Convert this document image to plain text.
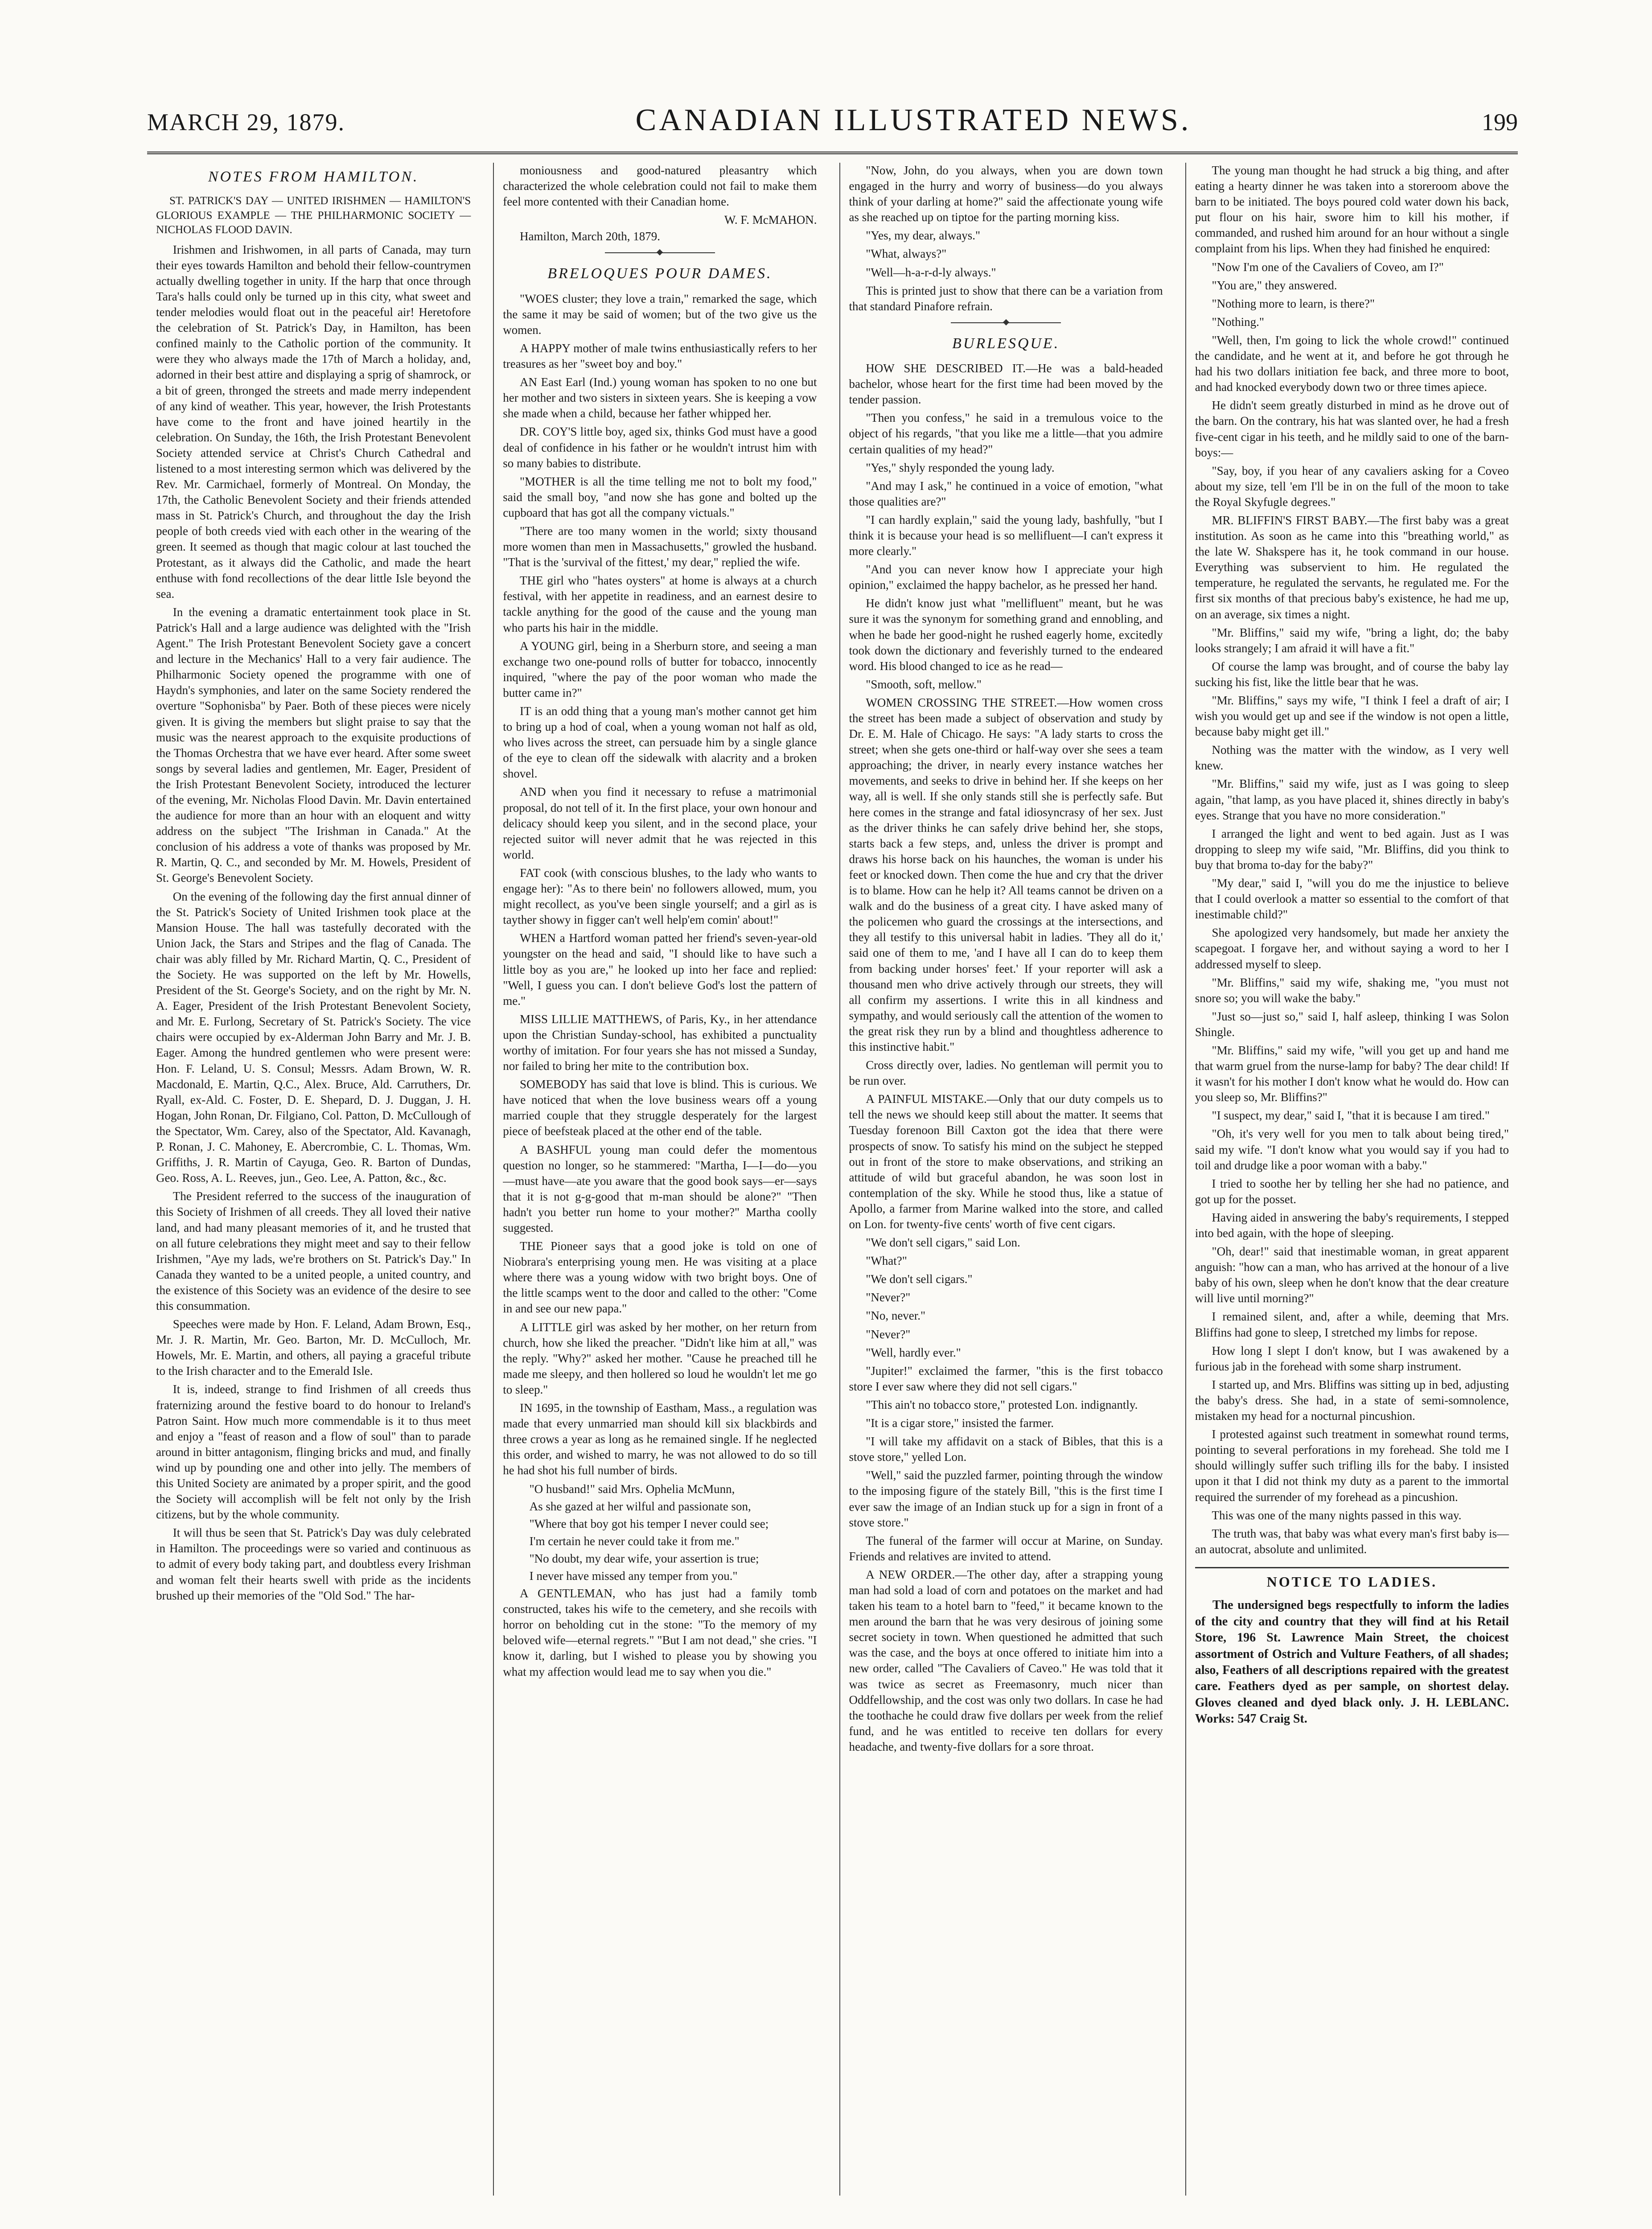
MARCH 29, 1879.	CANADIAN ILLUSTRATED NEWS.	199
NOTES FROM HAMILTON.

ST. PATRICK'S DAY — UNITED IRISHMEN — HAMILTON'S GLORIOUS EXAMPLE — THE PHILHARMONIC SOCIETY — NICHOLAS FLOOD DAVIN.

Irishmen and Irishwomen, in all parts of Canada, may turn their eyes towards Hamilton and behold their fellow-countrymen actually dwelling together in unity. If the harp that once through Tara's halls could only be turned up in this city, what sweet and tender melodies would float out in the peaceful air! Heretofore the celebration of St. Patrick's Day, in Hamilton, has been confined mainly to the Catholic portion of the community. It were they who always made the 17th of March a holiday, and, adorned in their best attire and displaying a sprig of shamrock, or a bit of green, thronged the streets and made merry independent of any kind of weather. This year, however, the Irish Protestants have come to the front and have joined heartily in the celebration. On Sunday, the 16th, the Irish Protestant Benevolent Society attended service at Christ's Church Cathedral and listened to a most interesting sermon which was delivered by the Rev. Mr. Carmichael, formerly of Montreal. On Monday, the 17th, the Catholic Benevolent Society and their friends attended mass in St. Patrick's Church, and throughout the day the Irish people of both creeds vied with each other in the wearing of the green. It seemed as though that magic colour at last touched the Protestant, as it always did the Catholic, and made the heart enthuse with fond recollections of the dear little Isle beyond the sea.

In the evening a dramatic entertainment took place in St. Patrick's Hall and a large audience was delighted with the "Irish Agent." The Irish Protestant Benevolent Society gave a concert and lecture in the Mechanics' Hall to a very fair audience. The Philharmonic Society opened the programme with one of Haydn's symphonies, and later on the same Society rendered the overture "Sophonisba" by Paer. Both of these pieces were nicely given. It is giving the members but slight praise to say that the music was the nearest approach to the exquisite productions of the Thomas Orchestra that we have ever heard. After some sweet songs by several ladies and gentlemen, Mr. Eager, President of the Irish Protestant Benevolent Society, introduced the lecturer of the evening, Mr. Nicholas Flood Davin. Mr. Davin entertained the audience for more than an hour with an eloquent and witty address on the subject "The Irishman in Canada." At the conclusion of his address a vote of thanks was proposed by Mr. R. Martin, Q. C., and seconded by Mr. M. Howels, President of St. George's Benevolent Society.

On the evening of the following day the first annual dinner of the St. Patrick's Society of United Irishmen took place at the Mansion House. The hall was tastefully decorated with the Union Jack, the Stars and Stripes and the flag of Canada. The chair was ably filled by Mr. Richard Martin, Q. C., President of the Society. He was supported on the left by Mr. Howells, President of the St. George's Society, and on the right by Mr. N. A. Eager, President of the Irish Protestant Benevolent Society, and Mr. E. Furlong, Secretary of St. Patrick's Society. The vice chairs were occupied by ex-Alderman John Barry and Mr. J. B. Eager. Among the hundred gentlemen who were present were: Hon. F. Leland, U. S. Consul; Messrs. Adam Brown, W. R. Macdonald, E. Martin, Q.C., Alex. Bruce, Ald. Carruthers, Dr. Ryall, ex-Ald. C. Foster, D. E. Shepard, D. J. Duggan, J. H. Hogan, John Ronan, Dr. Filgiano, Col. Patton, D. McCullough of the Spectator, Wm. Carey, also of the Spectator, Ald. Kavanagh, P. Ronan, J. C. Mahoney, E. Abercrombie, C. L. Thomas, Wm. Griffiths, J. R. Martin of Cayuga, Geo. R. Barton of Dundas, Geo. Ross, A. L. Reeves, jun., Geo. Lee, A. Patton, &c., &c.

The President referred to the success of the inauguration of this Society of Irishmen of all creeds. They all loved their native land, and had many pleasant memories of it, and he trusted that on all future celebrations they might meet and say to their fellow Irishmen, "Aye my lads, we're brothers on St. Patrick's Day." In Canada they wanted to be a united people, a united country, and the existence of this Society was an evidence of the desire to see this consummation.

Speeches were made by Hon. F. Leland, Adam Brown, Esq., Mr. J. R. Martin, Mr. Geo. Barton, Mr. D. McCulloch, Mr. Howels, Mr. E. Martin, and others, all paying a graceful tribute to the Irish character and to the Emerald Isle.

It is, indeed, strange to find Irishmen of all creeds thus fraternizing around the festive board to do honour to Ireland's Patron Saint. How much more commendable is it to thus meet and enjoy a "feast of reason and a flow of soul" than to parade around in bitter antagonism, flinging bricks and mud, and finally wind up by pounding one and other into jelly. The members of this United Society are animated by a proper spirit, and the good the Society will accomplish will be felt not only by the Irish citizens, but by the whole community.

It will thus be seen that St. Patrick's Day was duly celebrated in Hamilton. The proceedings were so varied and continuous as to admit of every body taking part, and doubtless every Irishman and woman felt their hearts swell with pride as the incidents brushed up their memories of the "Old Sod." The har-

moniousness and good-natured pleasantry which characterized the whole celebration could not fail to make them feel more contented with their Canadian home.

W. F. McMAHON.
Hamilton, March 20th, 1879.
BRELOQUES POUR DAMES.

"WOES cluster; they love a train," remarked the sage, which the same it may be said of women; but of the two give us the women.

A HAPPY mother of male twins enthusiastically refers to her treasures as her "sweet boy and boy."

AN East Earl (Ind.) young woman has spoken to no one but her mother and two sisters in sixteen years. She is keeping a vow she made when a child, because her father whipped her.

DR. COY'S little boy, aged six, thinks God must have a good deal of confidence in his father or he wouldn't intrust him with so many babies to distribute.

"MOTHER is all the time telling me not to bolt my food," said the small boy, "and now she has gone and bolted up the cupboard that has got all the company victuals."

"There are too many women in the world; sixty thousand more women than men in Massachusetts," growled the husband. "That is the 'survival of the fittest,' my dear," replied the wife.

THE girl who "hates oysters" at home is always at a church festival, with her appetite in readiness, and an earnest desire to tackle anything for the good of the cause and the young man who parts his hair in the middle.

A YOUNG girl, being in a Sherburn store, and seeing a man exchange two one-pound rolls of butter for tobacco, innocently inquired, "where the pay of the poor woman who made the butter came in?"

IT is an odd thing that a young man's mother cannot get him to bring up a hod of coal, when a young woman not half as old, who lives across the street, can persuade him by a single glance of the eye to clean off the sidewalk with alacrity and a broken shovel.

AND when you find it necessary to refuse a matrimonial proposal, do not tell of it. In the first place, your own honour and delicacy should keep you silent, and in the second place, your rejected suitor will never admit that he was rejected in this world.

FAT cook (with conscious blushes, to the lady who wants to engage her): "As to there bein' no followers allowed, mum, you might recollect, as you've been single yourself; and a girl as is tayther showy in figger can't well help'em comin' about!"

WHEN a Hartford woman patted her friend's seven-year-old youngster on the head and said, "I should like to have such a little boy as you are," he looked up into her face and replied: "Well, I guess you can. I don't believe God's lost the pattern of me."

MISS LILLIE MATTHEWS, of Paris, Ky., in her attendance upon the Christian Sunday-school, has exhibited a punctuality worthy of imitation. For four years she has not missed a Sunday, nor failed to bring her mite to the contribution box.

SOMEBODY has said that love is blind. This is curious. We have noticed that when the love business wears off a young married couple that they struggle desperately for the largest piece of beefsteak placed at the other end of the table.

A BASHFUL young man could defer the momentous question no longer, so he stammered: "Martha, I—I—do—you—must have—ate you aware that the good book says—er—says that it is not g-g-good that m-man should be alone?" "Then hadn't you better run home to your mother?" Martha coolly suggested.

THE Pioneer says that a good joke is told on one of Niobrara's enterprising young men. He was visiting at a place where there was a young widow with two bright boys. One of the little scamps went to the door and called to the other: "Come in and see our new papa."

A LITTLE girl was asked by her mother, on her return from church, how she liked the preacher. "Didn't like him at all," was the reply. "Why?" asked her mother. "Cause he preached till he made me sleepy, and then hollered so loud he wouldn't let me go to sleep."

IN 1695, in the township of Eastham, Mass., a regulation was made that every unmarried man should kill six blackbirds and three crows a year as long as he remained single. If he neglected this order, and wished to marry, he was not allowed to do so till he had shot his full number of birds.

"O husband!" said Mrs. Ophelia McMunn,

As she gazed at her wilful and passionate son,

"Where that boy got his temper I never could see;

I'm certain he never could take it from me."

"No doubt, my dear wife, your assertion is true;

I never have missed any temper from you."

A GENTLEMAN, who has just had a family tomb constructed, takes his wife to the cemetery, and she recoils with horror on beholding cut in the stone: "To the memory of my beloved wife—eternal regrets." "But I am not dead," she cries. "I know it, darling, but I wished to please you by showing you what my affection would lead me to say when you die."

"Now, John, do you always, when you are down town engaged in the hurry and worry of business—do you always think of your darling at home?" said the affectionate young wife as she reached up on tiptoe for the parting morning kiss.

"Yes, my dear, always."

"What, always?"

"Well—h-a-r-d-ly always."

This is printed just to show that there can be a variation from that standard Pinafore refrain.

BURLESQUE.

HOW SHE DESCRIBED IT.—He was a bald-headed bachelor, whose heart for the first time had been moved by the tender passion.

"Then you confess," he said in a tremulous voice to the object of his regards, "that you like me a little—that you admire certain qualities of my head?"

"Yes," shyly responded the young lady.

"And may I ask," he continued in a voice of emotion, "what those qualities are?"

"I can hardly explain," said the young lady, bashfully, "but I think it is because your head is so mellifluent—I can't express it more clearly."

"And you can never know how I appreciate your high opinion," exclaimed the happy bachelor, as he pressed her hand.

He didn't know just what "mellifluent" meant, but he was sure it was the synonym for something grand and ennobling, and when he bade her good-night he rushed eagerly home, excitedly took down the dictionary and feverishly turned to the endeared word. His blood changed to ice as he read—

"Smooth, soft, mellow."

WOMEN CROSSING THE STREET.—How women cross the street has been made a subject of observation and study by Dr. E. M. Hale of Chicago. He says: "A lady starts to cross the street; when she gets one-third or half-way over she sees a team approaching; the driver, in nearly every instance watches her movements, and seeks to drive in behind her. If she keeps on her way, all is well. If she only stands still she is perfectly safe. But here comes in the strange and fatal idiosyncrasy of her sex. Just as the driver thinks he can safely drive behind her, she stops, starts back a few steps, and, unless the driver is prompt and draws his horse back on his haunches, the woman is under his feet or knocked down. Then come the hue and cry that the driver is to blame. How can he help it? All teams cannot be driven on a walk and do the business of a great city. I have asked many of the policemen who guard the crossings at the intersections, and they all testify to this universal habit in ladies. 'They all do it,' said one of them to me, 'and I have all I can do to keep them from backing under horses' feet.' If your reporter will ask a thousand men who drive actively through our streets, they will all confirm my assertions. I write this in all kindness and sympathy, and would seriously call the attention of the women to the great risk they run by a blind and thoughtless adherence to this instinctive habit."

Cross directly over, ladies. No gentleman will permit you to be run over.

A PAINFUL MISTAKE.—Only that our duty compels us to tell the news we should keep still about the matter. It seems that Tuesday forenoon Bill Caxton got the idea that there were prospects of snow. To satisfy his mind on the subject he stepped out in front of the store to make observations, and striking an attitude of wild but graceful abandon, he was soon lost in contemplation of the sky. While he stood thus, like a statue of Apollo, a farmer from Marine walked into the store, and called on Lon. for twenty-five cents' worth of five cent cigars.

"We don't sell cigars," said Lon.

"What?"

"We don't sell cigars."

"Never?"

"No, never."

"Never?"

"Well, hardly ever."

"Jupiter!" exclaimed the farmer, "this is the first tobacco store I ever saw where they did not sell cigars."

"This ain't no tobacco store," protested Lon. indignantly.

"It is a cigar store," insisted the farmer.

"I will take my affidavit on a stack of Bibles, that this is a stove store," yelled Lon.

"Well," said the puzzled farmer, pointing through the window to the imposing figure of the stately Bill, "this is the first time I ever saw the image of an Indian stuck up for a sign in front of a stove store."

The funeral of the farmer will occur at Marine, on Sunday. Friends and relatives are invited to attend.

A NEW ORDER.—The other day, after a strapping young man had sold a load of corn and potatoes on the market and had taken his team to a hotel barn to "feed," it became known to the men around the barn that he was very desirous of joining some secret society in town. When questioned he admitted that such was the case, and the boys at once offered to initiate him into a new order, called "The Cavaliers of Caveo." He was told that it was twice as secret as Freemasonry, much nicer than Oddfellowship, and the cost was only two dollars. In case he had the toothache he could draw five dollars per week from the relief fund, and he was entitled to receive ten dollars for every headache, and twenty-five dollars for a sore throat.

The young man thought he had struck a big thing, and after eating a hearty dinner he was taken into a storeroom above the barn to be initiated. The boys poured cold water down his back, put flour on his hair, swore him to kill his mother, if commanded, and rushed him around for an hour without a single complaint from his lips. When they had finished he enquired:

"Now I'm one of the Cavaliers of Coveo, am I?"

"You are," they answered.

"Nothing more to learn, is there?"

"Nothing."

"Well, then, I'm going to lick the whole crowd!" continued the candidate, and he went at it, and before he got through he had his two dollars initiation fee back, and three more to boot, and had knocked everybody down two or three times apiece.

He didn't seem greatly disturbed in mind as he drove out of the barn. On the contrary, his hat was slanted over, he had a fresh five-cent cigar in his teeth, and he mildly said to one of the barn-boys:—

"Say, boy, if you hear of any cavaliers asking for a Coveo about my size, tell 'em I'll be in on the full of the moon to take the Royal Skyfugle degrees."

MR. BLIFFIN'S FIRST BABY.—The first baby was a great institution. As soon as he came into this "breathing world," as the late W. Shakspere has it, he took command in our house. Everything was subservient to him. He regulated the temperature, he regulated the servants, he regulated me. For the first six months of that precious baby's existence, he had me up, on an average, six times a night.

"Mr. Bliffins," said my wife, "bring a light, do; the baby looks strangely; I am afraid it will have a fit."

Of course the lamp was brought, and of course the baby lay sucking his fist, like the little bear that he was.

"Mr. Bliffins," says my wife, "I think I feel a draft of air; I wish you would get up and see if the window is not open a little, because baby might get ill."

Nothing was the matter with the window, as I very well knew.

"Mr. Bliffins," said my wife, just as I was going to sleep again, "that lamp, as you have placed it, shines directly in baby's eyes. Strange that you have no more consideration."

I arranged the light and went to bed again. Just as I was dropping to sleep my wife said, "Mr. Bliffins, did you think to buy that broma to-day for the baby?"

"My dear," said I, "will you do me the injustice to believe that I could overlook a matter so essential to the comfort of that inestimable child?"

She apologized very handsomely, but made her anxiety the scapegoat. I forgave her, and without saying a word to her I addressed myself to sleep.

"Mr. Bliffins," said my wife, shaking me, "you must not snore so; you will wake the baby."

"Just so—just so," said I, half asleep, thinking I was Solon Shingle.

"Mr. Bliffins," said my wife, "will you get up and hand me that warm gruel from the nurse-lamp for baby? The dear child! If it wasn't for his mother I don't know what he would do. How can you sleep so, Mr. Bliffins?"

"I suspect, my dear," said I, "that it is because I am tired."

"Oh, it's very well for you men to talk about being tired," said my wife. "I don't know what you would say if you had to toil and drudge like a poor woman with a baby."

I tried to soothe her by telling her she had no patience, and got up for the posset.

Having aided in answering the baby's requirements, I stepped into bed again, with the hope of sleeping.

"Oh, dear!" said that inestimable woman, in great apparent anguish: "how can a man, who has arrived at the honour of a live baby of his own, sleep when he don't know that the dear creature will live until morning?"

I remained silent, and, after a while, deeming that Mrs. Bliffins had gone to sleep, I stretched my limbs for repose.

How long I slept I don't know, but I was awakened by a furious jab in the forehead with some sharp instrument.

I started up, and Mrs. Bliffins was sitting up in bed, adjusting the baby's dress. She had, in a state of semi-somnolence, mistaken my head for a nocturnal pincushion.

I protested against such treatment in somewhat round terms, pointing to several perforations in my forehead. She told me I should willingly suffer such trifling ills for the baby. I insisted upon it that I did not think my duty as a parent to the immortal required the surrender of my forehead as a pincushion.

This was one of the many nights passed in this way.

The truth was, that baby was what every man's first baby is—an autocrat, absolute and unlimited.

NOTICE TO LADIES.

The undersigned begs respectfully to inform the ladies of the city and country that they will find at his Retail Store, 196 St. Lawrence Main Street, the choicest assortment of Ostrich and Vulture Feathers, of all shades; also, Feathers of all descriptions repaired with the greatest care. Feathers dyed as per sample, on shortest delay. Gloves cleaned and dyed black only. J. H. LEBLANC. Works: 547 Craig St.
